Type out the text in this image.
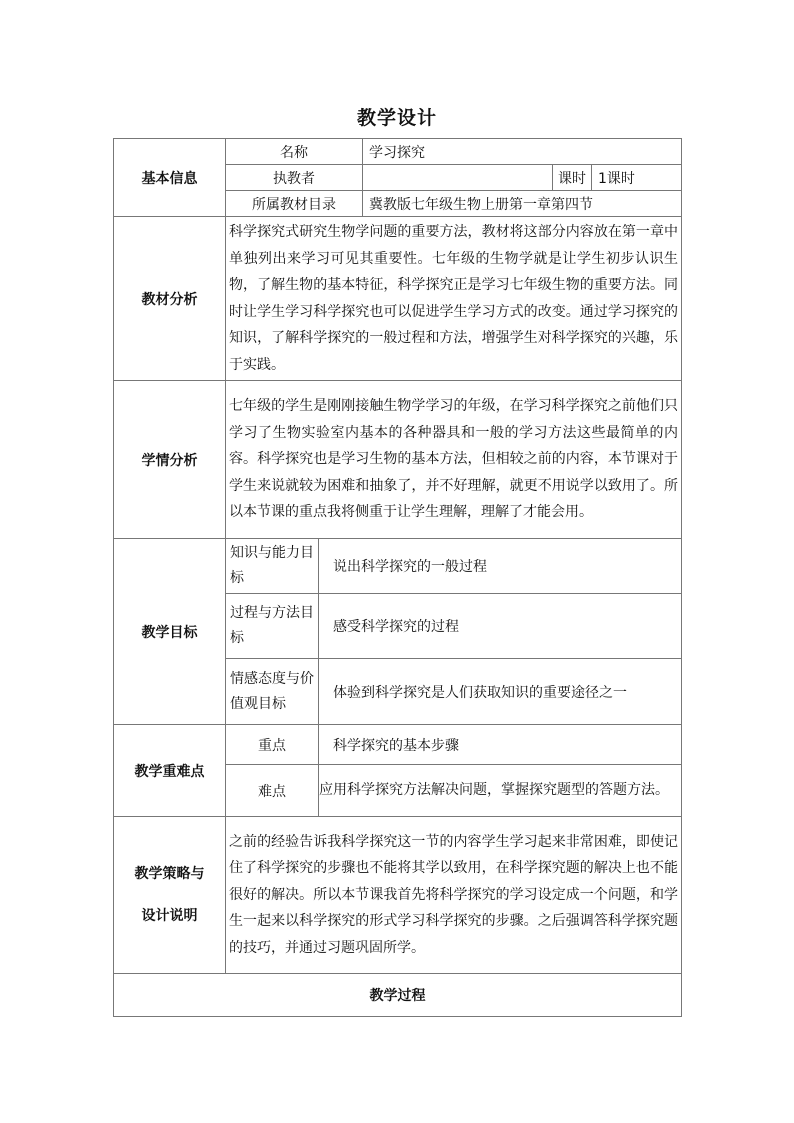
教学设计
基本信息	名称		学习探究		
	执教者			课时	1课时
	所属教材目录		冀教版七年级生物上册第一章第四节		
教材分析	科学探究式研究生物学问题的重要方法，教材将这部分内容放在第一章中单独列出来学习可见其重要性。七年级的生物学就是让学生初步认识生物，了解生物的基本特征，科学探究正是学习七年级生物的重要方法。同时让学生学习科学探究也可以促进学生学习方式的改变。通过学习探究的知识，了解科学探究的一般过程和方法，增强学生对科学探究的兴趣，乐于实践。				
学情分析	七年级的学生是刚刚接触生物学学习的年级，在学习科学探究之前他们只学习了生物实验室内基本的各种器具和一般的学习方法这些最简单的内容。科学探究也是学习生物的基本方法，但相较之前的内容，本节课对于学生来说就较为困难和抽象了，并不好理解，就更不用说学以致用了。所以本节课的重点我将侧重于让学生理解，理解了才能会用。				
教学目标	知识与能力目标	说出科学探究的一般过程			
	过程与方法目标	感受科学探究的过程			
	情感态度与价值观目标	体验到科学探究是人们获取知识的重要途径之一			
教学重难点	重点	科学探究的基本步骤			
	难点	应用科学探究方法解决问题，掌握探究题型的答题方法。			
教学策略与
设计说明	之前的经验告诉我科学探究这一节的内容学生学习起来非常困难，即使记住了科学探究的步骤也不能将其学以致用，在科学探究题的解决上也不能很好的解决。所以本节课我首先将科学探究的学习设定成一个问题，和学生一起来以科学探究的形式学习科学探究的步骤。之后强调答科学探究题的技巧，并通过习题巩固所学。				
教学过程					
